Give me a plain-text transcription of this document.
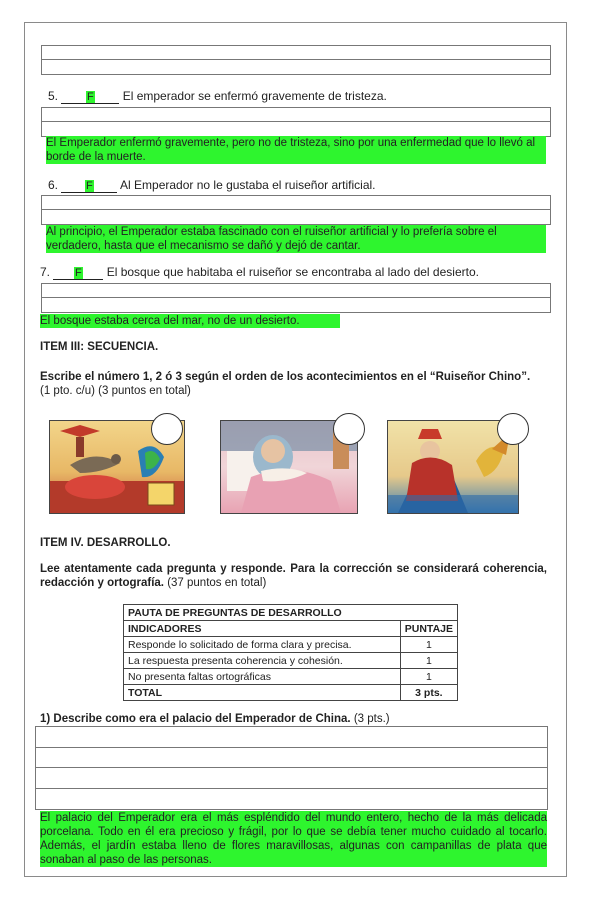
5.	F El emperador se enfermó gravemente de tristeza.
El Emperador enfermó gravemente, pero no de tristeza, sino por una enfermedad que lo llevó al borde de la muerte.
6.	F Al Emperador no le gustaba el ruiseñor artificial.
Al principio, el Emperador estaba fascinado con el ruiseñor artificial y lo prefería sobre el verdadero, hasta que el mecanismo se dañó y dejó de cantar.
7. F El bosque que habitaba el ruiseñor se encontraba al lado del desierto.
El bosque estaba cerca del mar, no de un desierto.
ITEM III: SECUENCIA.
Escribe el número 1, 2 ó 3 según el orden de los acontecimientos en el “Ruiseñor Chino”.
(1 pto. c/u) (3 puntos en total)
ITEM IV. DESARROLLO.
Lee atentamente cada pregunta y responde. Para la corrección se considerará coherencia, redacción y ortografía. (37 puntos en total)
PAUTA DE PREGUNTAS DE DESARROLLO	
INDICADORES	PUNTAJE
Responde lo solicitado de forma clara y precisa.	1
La respuesta presenta coherencia y cohesión.	1
No presenta faltas ortográficas	1
TOTAL	3 pts.
1) Describe como era el palacio del Emperador de China. (3 pts.)
El palacio del Emperador era el más espléndido del mundo entero, hecho de la más delicada porcelana. Todo en él era precioso y frágil, por lo que se debía tener mucho cuidado al tocarlo. Además, el jardín estaba lleno de flores maravillosas, algunas con campanillas de plata que sonaban al paso de las personas.
